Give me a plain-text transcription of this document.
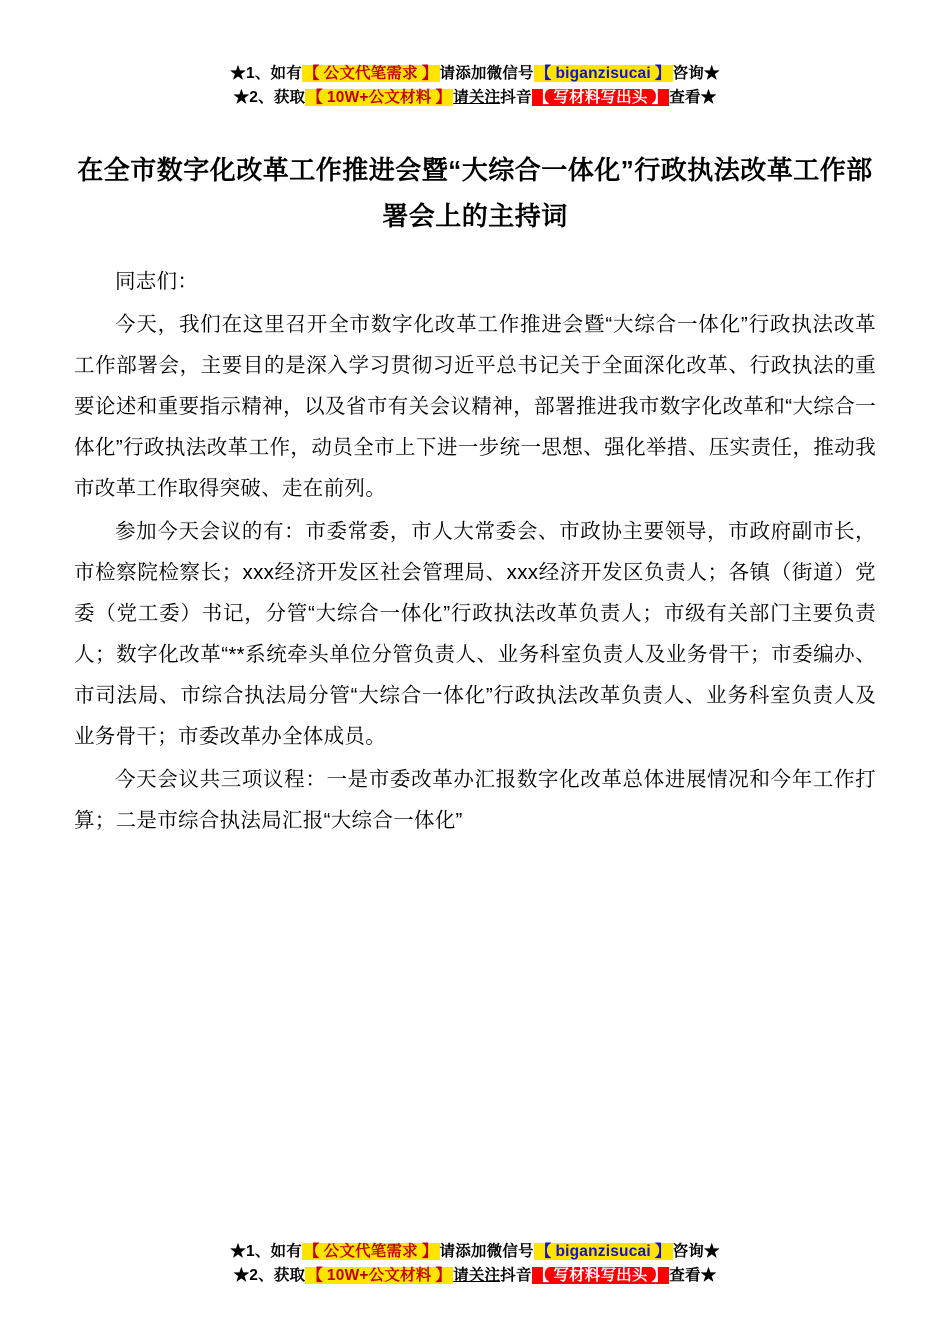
★1、如有 【 公文代笔需求 】 请添加微信号 【 biganzisucai 】 咨询★
★2、获取 【 10W+公文材料 】 请关注抖音 【 写材料写出头 】 查看★
在全市数字化改革工作推进会暨“大综合一体化”行政执法改革工作部署会上的主持词

同志们：

今天，我们在这里召开全市数字化改革工作推进会暨“大综合一体化”行政执法改革工作部署会，主要目的是深入学习贯彻习近平总书记关于全面深化改革、行政执法的重要论述和重要指示精神，以及省市有关会议精神，部署推进我市数字化改革和“大综合一体化”行政执法改革工作，动员全市上下进一步统一思想、强化举措、压实责任，推动我市改革工作取得突破、走在前列。

参加今天会议的有：市委常委，市人大常委会、市政协主要领导，市政府副市长，市检察院检察长；xxx经济开发区社会管理局、xxx经济开发区负责人；各镇（街道）党委（党工委）书记，分管“大综合一体化”行政执法改革负责人；市级有关部门主要负责人；数字化改革“**系统牵头单位分管负责人、业务科室负责人及业务骨干；市委编办、市司法局、市综合执法局分管“大综合一体化”行政执法改革负责人、业务科室负责人及业务骨干；市委改革办全体成员。

今天会议共三项议程：一是市委改革办汇报数字化改革总体进展情况和今年工作打算；二是市综合执法局汇报“大综合一体化”

★1、如有 【 公文代笔需求 】 请添加微信号 【 biganzisucai 】 咨询★
★2、获取 【 10W+公文材料 】 请关注抖音 【 写材料写出头 】 查看★
